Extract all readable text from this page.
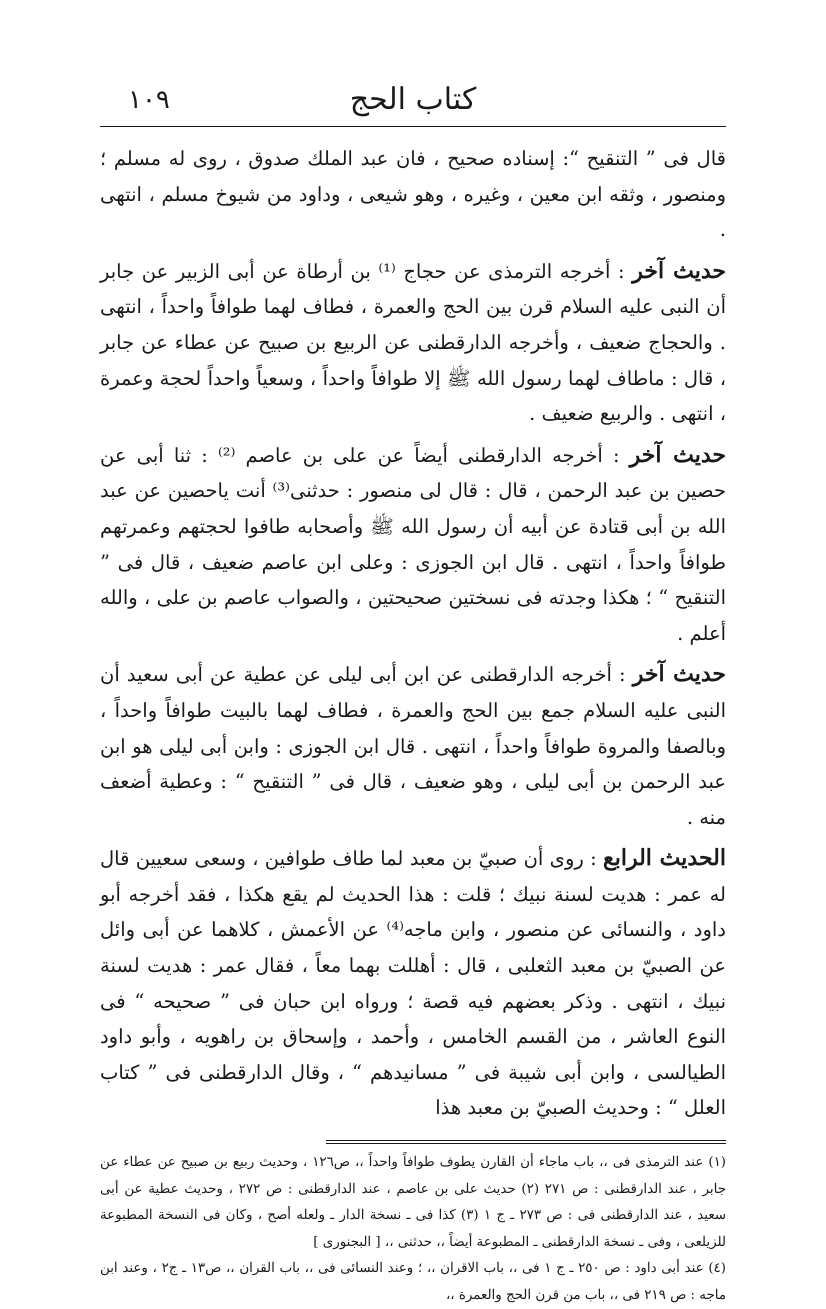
كتاب الحج
١٠٩

قال فى ” التنقيح “: إسناده صحيح ، فان عبد الملك صدوق ، روى له مسلم ؛ ومنصور ، وثقه ابن معين ، وغيره ، وهو شيعى ، وداود من شيوخ مسلم ، انتهى .

حديث آخر : أخرجه الترمذى عن حجاج ⁽¹⁾ بن أرطاة عن أبى الزبير عن جابر أن النبى عليه السلام قرن بين الحج والعمرة ، فطاف لهما طوافاً واحداً ، انتهى . والحجاج ضعيف ، وأخرجه الدارقطنى عن الربيع بن صبيح عن عطاء عن جابر ، قال : ماطاف لهما رسول الله ﷺ إلا طوافاً واحداً ، وسعياً واحداً لحجة وعمرة ، انتهى . والربيع ضعيف .

حديث آخر : أخرجه الدارقطنى أيضاً عن على بن عاصم ⁽²⁾ : ثنا أبى عن حصين بن عبد الرحمن ، قال : قال لى منصور : حدثنى⁽³⁾ أنت ياحصين عن عبد الله بن أبى قتادة عن أبيه أن رسول الله ﷺ وأصحابه طافوا لحجتهم وعمرتهم طوافاً واحداً ، انتهى . قال ابن الجوزى : وعلى ابن عاصم ضعيف ، قال فى ” التنقيح “ ؛ هكذا وجدته فى نسختين صحيحتين ، والصواب عاصم بن على ، والله أعلم .

حديث آخر : أخرجه الدارقطنى عن ابن أبى ليلى عن عطية عن أبى سعيد أن النبى عليه السلام جمع بين الحج والعمرة ، فطاف لهما بالبيت طوافاً واحداً ، وبالصفا والمروة طوافاً واحداً ، انتهى . قال ابن الجوزى : وابن أبى ليلى هو ابن عبد الرحمن بن أبى ليلى ، وهو ضعيف ، قال فى ” التنقيح “ : وعطية أضعف منه .

الحديث الرابع : روى أن صبيّ بن معبد لما طاف طوافين ، وسعى سعيين قال له عمر : هديت لسنة نبيك ؛ قلت : هذا الحديث لم يقع هكذا ، فقد أخرجه أبو داود ، والنسائى عن منصور ، وابن ماجه⁽⁴⁾ عن الأعمش ، كلاهما عن أبى وائل عن الصبيّ بن معبد الثعلبى ، قال : أهللت بهما معاً ، فقال عمر : هديت لسنة نبيك ، انتهى . وذكر بعضهم فيه قصة ؛ ورواه ابن حبان فى ” صحيحه “ فى النوع العاشر ، من القسم الخامس ، وأحمد ، وإسحاق بن راهويه ، وأبو داود الطيالسى ، وابن أبى شيبة فى ” مسانيدهم “ ، وقال الدارقطنى فى ” كتاب العلل “ : وحديث الصبيّ بن معبد هذا

(١) عند الترمذى فى ،، باب ماجاء أن القارن يطوف طوافاً واحداً ،، ص١٢٦ ، وحديث ربيع بن صبيح عن عطاء عن جابر ، عند الدارقطنى : ص ٢٧١ (٢) حديث على بن عاصم ، عند الدارقطنى : ص ٢٧٢ ، وحديث عطية عن أبى سعيد ، عند الدارقطنى فى : ص ٢٧٣ ـ ج ١ (٣) كذا فى ـ نسخة الدار ـ ولعله أصح ، وكان فى النسخة المطبوعة للزيلعى ، وفى ـ نسخة الدارقطنى ـ المطبوعة أيضاً ،، حدثنى ،، [ البجنورى ]

(٤) عند أبى داود : ص ٢٥٠ ـ ج ١ فى ،، باب الاقران ،، ؛ وعند النسائى فى ،، باب القران ،، ص١٣ ـ ج٢ ، وعند ابن ماجه : ص ٢١٩ فى ،، باب من قرن الحج والعمرة ،،
